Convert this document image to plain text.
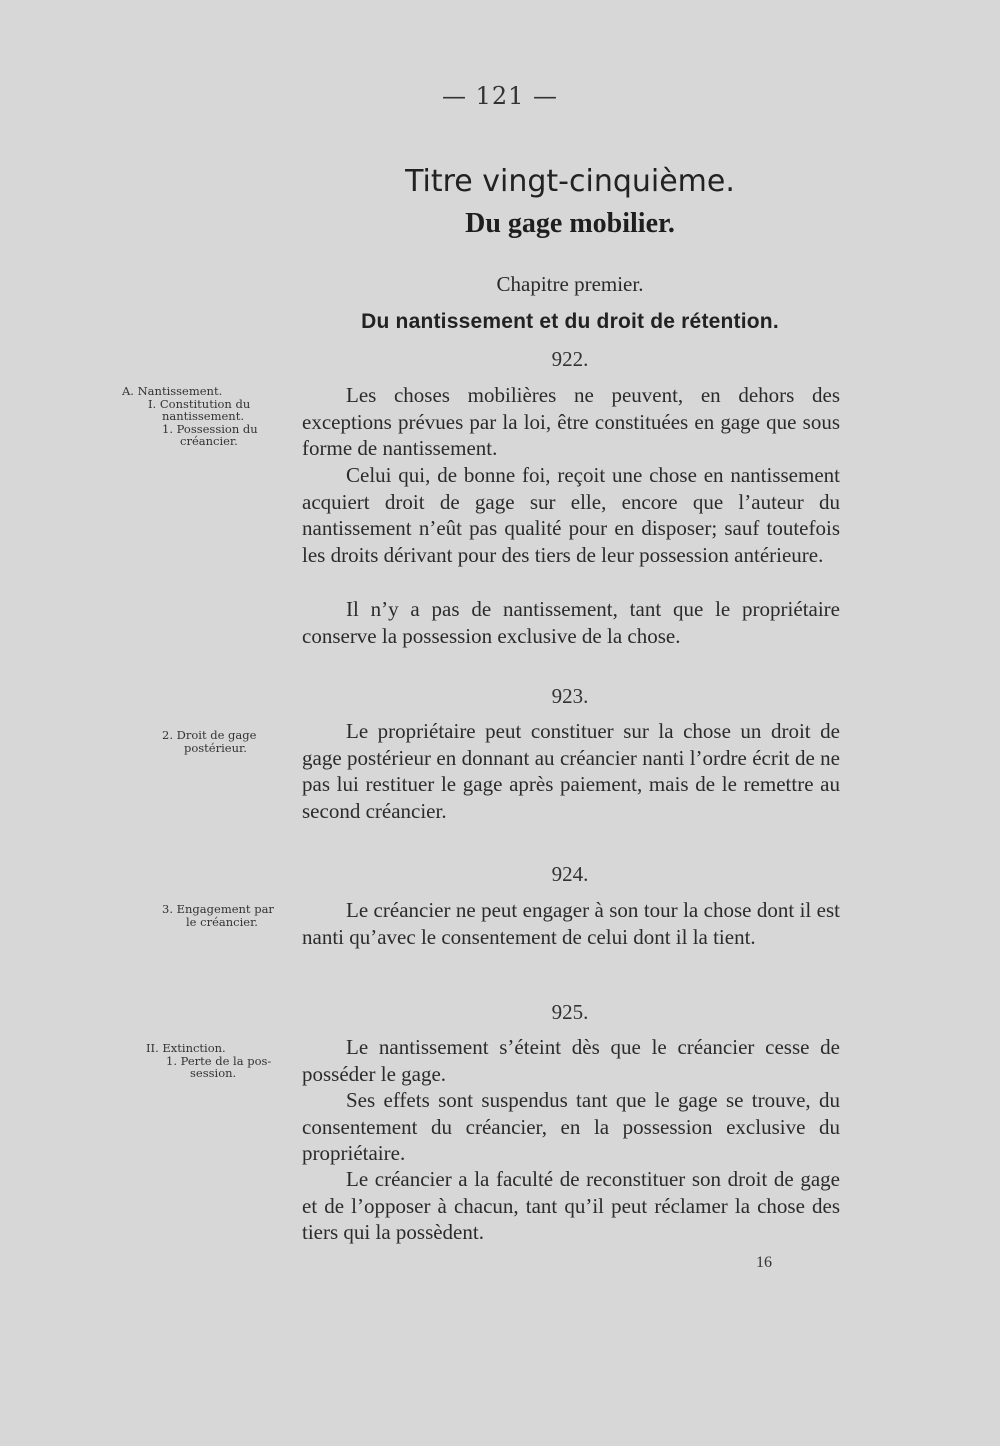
— 121 —
Titre vingt-cinquième.
Du gage mobilier.
Chapitre premier.
Du nantissement et du droit de rétention.
A. Nantissement.
I. Constitution du
nantissement.
1. Possession du
créancier.
2. Droit de gage
postérieur.
3. Engagement par
le créancier.
II. Extinction.
1. Perte de la pos-
session.
922.

Les choses mobilières ne peuvent, en dehors des exceptions prévues par la loi, être constituées en gage que sous forme de nantissement.

Celui qui, de bonne foi, reçoit une chose en nantissement acquiert droit de gage sur elle, encore que l’auteur du nantissement n’eût pas qualité pour en disposer; sauf toutefois les droits dérivant pour des tiers de leur possession antérieure.

Il n’y a pas de nantissement, tant que le propriétaire conserve la possession exclusive de la chose.

923.

Le propriétaire peut constituer sur la chose un droit de gage postérieur en donnant au créancier nanti l’ordre écrit de ne pas lui restituer le gage après paiement, mais de le remettre au second créancier.

924.

Le créancier ne peut engager à son tour la chose dont il est nanti qu’avec le consentement de celui dont il la tient.

925.

Le nantissement s’éteint dès que le créancier cesse de posséder le gage.

Ses effets sont suspendus tant que le gage se trouve, du consentement du créancier, en la possession exclusive du propriétaire.

Le créancier a la faculté de reconstituer son droit de gage et de l’opposer à chacun, tant qu’il peut réclamer la chose des tiers qui la possèdent.

16
